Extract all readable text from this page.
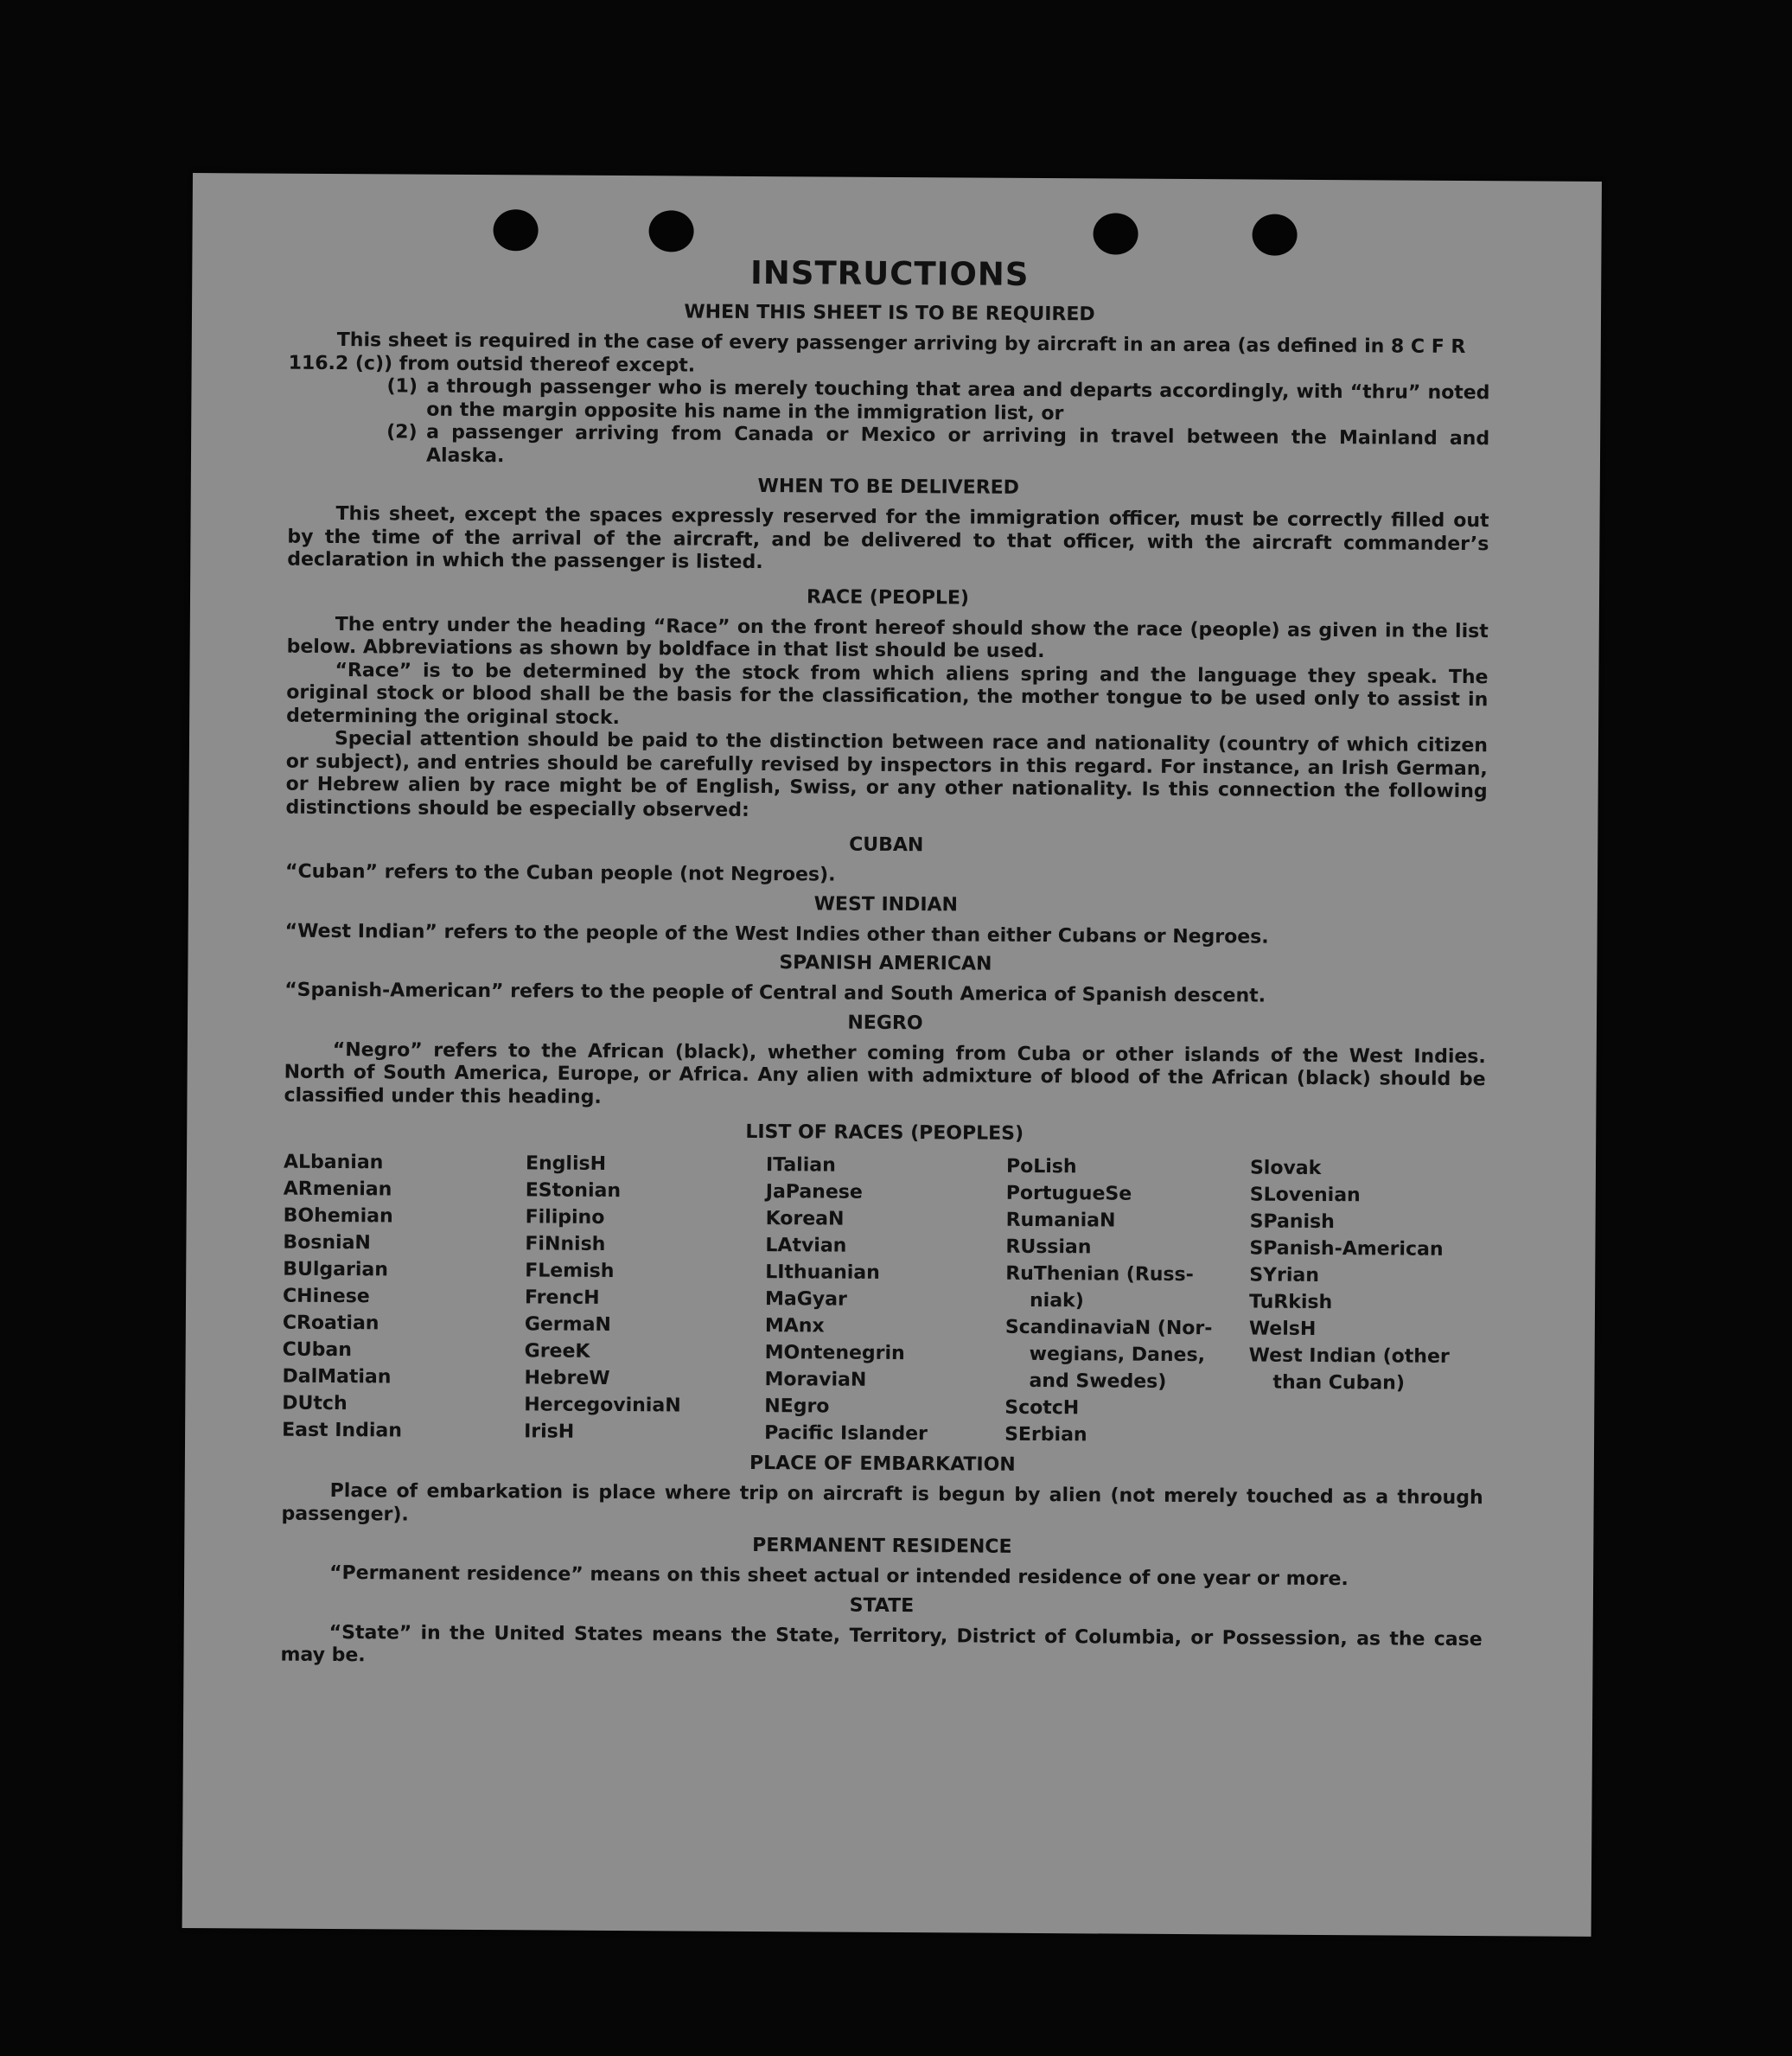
INSTRUCTIONS
WHEN THIS SHEET IS TO BE REQUIRED

This sheet is required in the case of every passenger arriving by aircraft in an area (as defined in 8 C F R

116.2 (c)) from outsid thereof except.

(1) a through passenger who is merely touching that area and departs accordingly, with “thru” noted on the margin opposite his name in the immigration list, or
(2) a passenger arriving from Canada or Mexico or arriving in travel between the Mainland and Alaska.
WHEN TO BE DELIVERED

This sheet, except the spaces expressly reserved for the immigration officer, must be correctly filled out by the time of the arrival of the aircraft, and be delivered to that officer, with the aircraft commander’s declaration in which the passenger is listed.

RACE (PEOPLE)

The entry under the heading “Race” on the front hereof should show the race (people) as given in the list below. Abbreviations as shown by boldface in that list should be used.

“Race” is to be determined by the stock from which aliens spring and the language they speak. The original stock or blood shall be the basis for the classification, the mother tongue to be used only to assist in determining the original stock.

Special attention should be paid to the distinction between race and nationality (country of which citizen or subject), and entries should be carefully revised by inspectors in this regard. For instance, an Irish German, or Hebrew alien by race might be of English, Swiss, or any other nationality. Is this connection the following distinctions should be especially observed:

CUBAN

“Cuban” refers to the Cuban people (not Negroes).

WEST INDIAN

“West Indian” refers to the people of the West Indies other than either Cubans or Negroes.

SPANISH AMERICAN

“Spanish-American” refers to the people of Central and South America of Spanish descent.

NEGRO

“Negro” refers to the African (black), whether coming from Cuba or other islands of the West Indies. North of South America, Europe, or Africa. Any alien with admixture of blood of the African (black) should be classified under this heading.

LIST OF RACES (PEOPLES)
ALbanian
ARmenian
BOhemian
BosniaN
BUlgarian
CHinese
CRoatian
CUban
DalMatian
DUtch
East Indian
EnglisH
EStonian
Filipino
FiNnish
FLemish
FrencH
GermaN
GreeK
HebreW
HercegoviniaN
IrisH
ITalian
JaPanese
KoreaN
LAtvian
LIthuanian
MaGyar
MAnx
MOntenegrin
MoraviaN
NEgro
Pacific Islander
PoLish
PortugueSe
RumaniaN
RUssian
RuThenian (Russ-
niak)
ScandinaviaN (Nor-
wegians, Danes,
and Swedes)
ScotcH
SErbian
Slovak
SLovenian
SPanish
SPanish-American
SYrian
TuRkish
WelsH
West Indian (other
than Cuban)
PLACE OF EMBARKATION

Place of embarkation is place where trip on aircraft is begun by alien (not merely touched as a through passenger).

PERMANENT RESIDENCE

“Permanent residence” means on this sheet actual or intended residence of one year or more.

STATE

“State” in the United States means the State, Territory, District of Columbia, or Possession, as the case may be.
